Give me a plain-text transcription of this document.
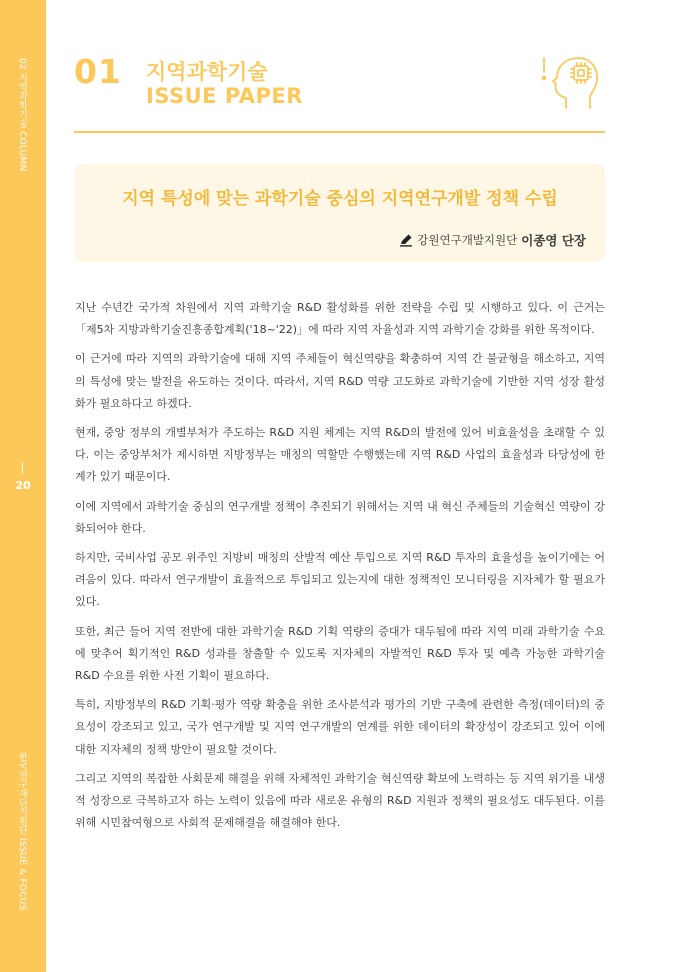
02 지역과학기술 COLUMN
20
한국연구재단지원단 ISSUE & FOCUS
01 지역과학기술
ISSUE PAPER
지역 특성에 맞는 과학기술 중심의 지역연구개발 정책 수립
강원연구개발지원단 이종영 단장

지난 수년간 국가적 차원에서 지역 과학기술 R&D 활성화를 위한 전략을 수립 및 시행하고 있다. 이 근거는 「제5차 지방과학기술진흥종합계획('18~'22)」에 따라 지역 자율성과 지역 과학기술 강화를 위한 목적이다.

이 근거에 따라 지역의 과학기술에 대해 지역 주체들이 혁신역량을 확충하여 지역 간 불균형을 해소하고, 지역의 특성에 맞는 발전을 유도하는 것이다. 따라서, 지역 R&D 역량 고도화로 과학기술에 기반한 지역 성장 활성화가 필요하다고 하겠다.

현재, 중앙 정부의 개별부처가 주도하는 R&D 지원 체계는 지역 R&D의 발전에 있어 비효율성을 초래할 수 있다. 이는 중앙부처가 제시하면 지방정부는 매칭의 역할만 수행했는데 지역 R&D 사업의 효율성과 타당성에 한계가 있기 때문이다.

이에 지역에서 과학기술 중심의 연구개발 정책이 추진되기 위해서는 지역 내 혁신 주체들의 기술혁신 역량이 강화되어야 한다.

하지만, 국비사업 공모 위주인 지방비 매칭의 산발적 예산 투입으로 지역 R&D 투자의 효율성을 높이기에는 어려움이 있다. 따라서 연구개발이 효율적으로 투입되고 있는지에 대한 정책적인 모니터링을 지자체가 할 필요가 있다.

또한, 최근 들어 지역 전반에 대한 과학기술 R&D 기획 역량의 증대가 대두됨에 따라 지역 미래 과학기술 수요에 맞추어 획기적인 R&D 성과를 창출할 수 있도록 지자체의 자발적인 R&D 투자 및 예측 가능한 과학기술 R&D 수요를 위한 사전 기획이 필요하다.

특히, 지방정부의 R&D 기획·평가 역량 확충을 위한 조사분석과 평가의 기반 구축에 관련한 측정(데이터)의 중요성이 강조되고 있고, 국가 연구개발 및 지역 연구개발의 연계를 위한 데이터의 확장성이 강조되고 있어 이에 대한 지자체의 정책 방안이 필요할 것이다.

그리고 지역의 복잡한 사회문제 해결을 위해 자체적인 과학기술 혁신역량 확보에 노력하는 등 지역 위기를 내생적 성장으로 극복하고자 하는 노력이 있음에 따라 새로운 유형의 R&D 지원과 정책의 필요성도 대두된다. 이를 위해 시민참여형으로 사회적 문제해결을 해결해야 한다.
